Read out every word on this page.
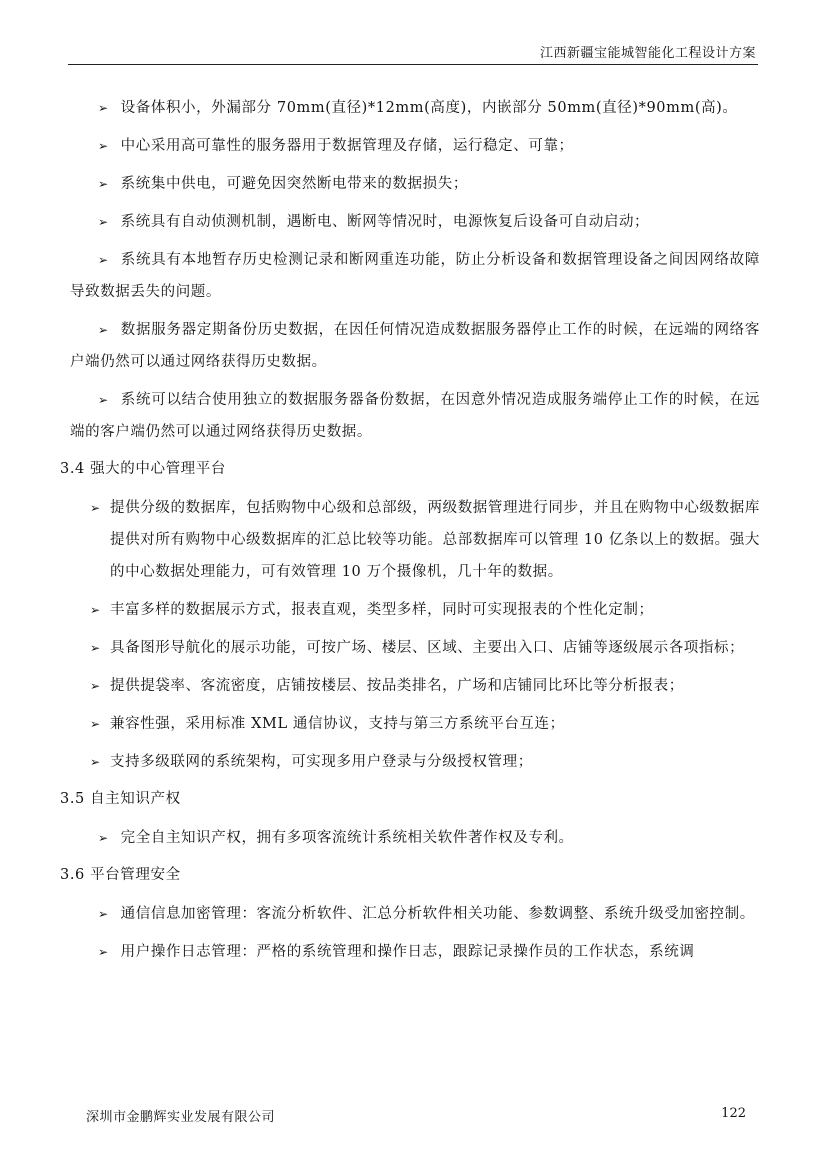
江西新疆宝能城智能化工程设计方案

➢ 设备体积小，外漏部分 70mm(直径)*12mm(高度)，内嵌部分 50mm(直径)*90mm(高)。

➢ 中心采用高可靠性的服务器用于数据管理及存储，运行稳定、可靠；

➢ 系统集中供电，可避免因突然断电带来的数据损失；

➢ 系统具有自动侦测机制，遇断电、断网等情况时，电源恢复后设备可自动启动；

➢ 系统具有本地暂存历史检测记录和断网重连功能，防止分析设备和数据管理设备之间因网络故障导致数据丢失的问题。

➢ 数据服务器定期备份历史数据，在因任何情况造成数据服务器停止工作的时候，在远端的网络客户端仍然可以通过网络获得历史数据。

➢ 系统可以结合使用独立的数据服务器备份数据，在因意外情况造成服务端停止工作的时候，在远端的客户端仍然可以通过网络获得历史数据。

3.4 强大的中心管理平台

➢ 提供分级的数据库，包括购物中心级和总部级，两级数据管理进行同步，并且在购物中心级数据库提供对所有购物中心级数据库的汇总比较等功能。总部数据库可以管理 10 亿条以上的数据。强大的中心数据处理能力，可有效管理 10 万个摄像机，几十年的数据。

➢ 丰富多样的数据展示方式，报表直观，类型多样，同时可实现报表的个性化定制；

➢ 具备图形导航化的展示功能，可按广场、楼层、区域、主要出入口、店铺等逐级展示各项指标；

➢ 提供提袋率、客流密度，店铺按楼层、按品类排名，广场和店铺同比环比等分析报表；

➢ 兼容性强，采用标准 XML 通信协议，支持与第三方系统平台互连；

➢ 支持多级联网的系统架构，可实现多用户登录与分级授权管理；

3.5 自主知识产权

➢ 完全自主知识产权，拥有多项客流统计系统相关软件著作权及专利。

3.6 平台管理安全

➢ 通信信息加密管理：客流分析软件、汇总分析软件相关功能、参数调整、系统升级受加密控制。

➢ 用户操作日志管理：严格的系统管理和操作日志，跟踪记录操作员的工作状态，系统调

深圳市金鹏辉实业发展有限公司	122
